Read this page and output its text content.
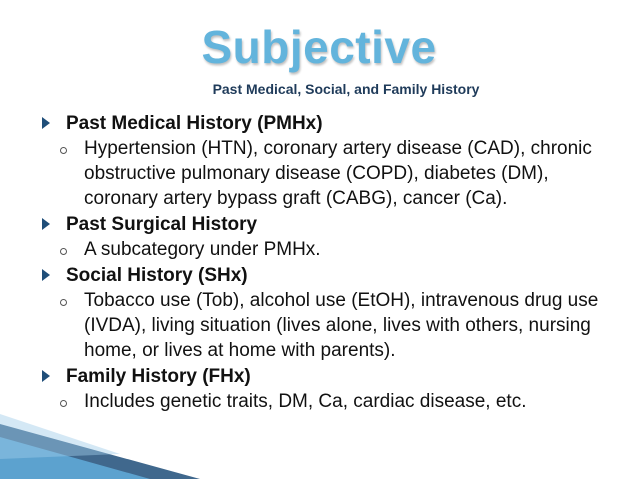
Subjective
Past Medical, Social, and Family History
Past Medical History (PMHx)
Hypertension (HTN), coronary artery disease (CAD), chronic obstructive pulmonary disease (COPD), diabetes (DM), coronary artery bypass graft (CABG), cancer (Ca).
Past Surgical History
A subcategory under PMHx.
Social History (SHx)
Tobacco use (Tob), alcohol use (EtOH), intravenous drug use (IVDA), living situation (lives alone, lives with others, nursing home, or lives at home with parents).
Family History (FHx)
Includes genetic traits, DM, Ca, cardiac disease, etc.
